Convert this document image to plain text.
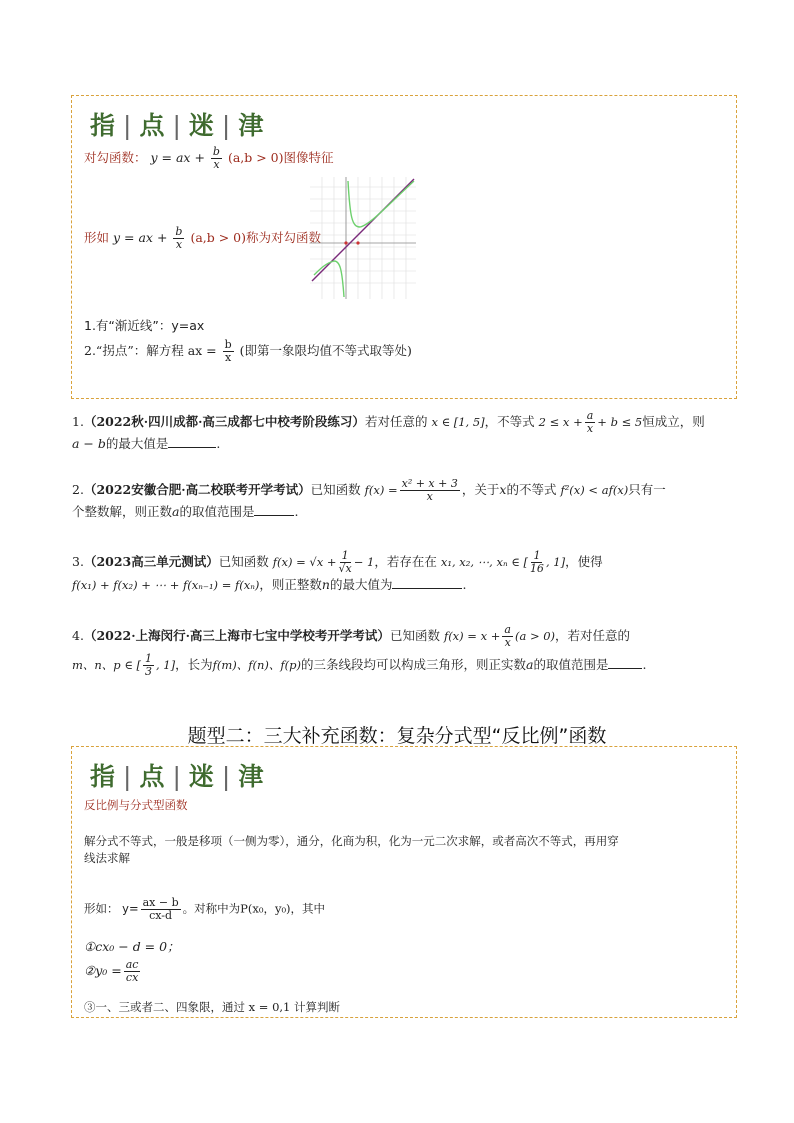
指 | 点 | 迷 | 津
对勾函数： y = ax + $\frac{b}{x} (a,b > 0)$图像特征
形如 y = ax + $\frac{b}{x} (a,b > 0)$称为对勾函数
1.有“渐近线”：y=ax
2.“拐点”：解方程 ax = $\frac{b}{x}$ (即第一象限均值不等式取等处)
1.（2022秋·四川成都·高三成都七中校考阶段练习）若对任意的 x ∈ [1, 5]，不等式 $2 \le x + \frac{a}{x} + b \le 5$恒成立，则
a − b的最大值是	.
2.（2022安徽合肥·高二校联考开学考试）已知函数 $f(x) = \frac{\text{x² + x + 3}}{x}$ ，关于x的不等式 f²(x) < af(x)只有一
个整数解，则正数a的取值范围是	.
3.（2023高三单元测试）已知函数 $f(x) = √x + \frac{1}{√x} - 1$，若存在在 x₁, x₂, ⋯, xₙ ∈ [ $\frac{1}{16}$ , 1]，使得
f(x₁) + f(x₂) + ⋯ + f(xₙ₋₁) = f(xₙ)，则正整数n的最大值为	.
4.（2022·上海闵行·高三上海市七宝中学校考开学考试）已知函数 $f(x) = x + \frac{a}{x} (a > 0)$，若对任意的
m、n、p ∈ [ $\frac{1}{3}$ , 1]，长为f(m)、f(n)、f(p)的三条线段均可以构成三角形，则正实数a的取值范围是	.
题型二：三大补充函数：复杂分式型“反比例”函数
指 | 点 | 迷 | 津
反比例与分式型函数
解分式不等式，一般是移项（一侧为零），通分，化商为积，化为一元二次求解，或者高次不等式，再用穿
线法求解
形如： $y= \frac{ax - b}{cx-d}$ 。对称中为P(x₀，y₀)，其中
①cx₀ − d = 0；
②y₀ = $\frac{ac}{cx}$
③一、三或者二、四象限，通过 x = 0,1 计算判断
